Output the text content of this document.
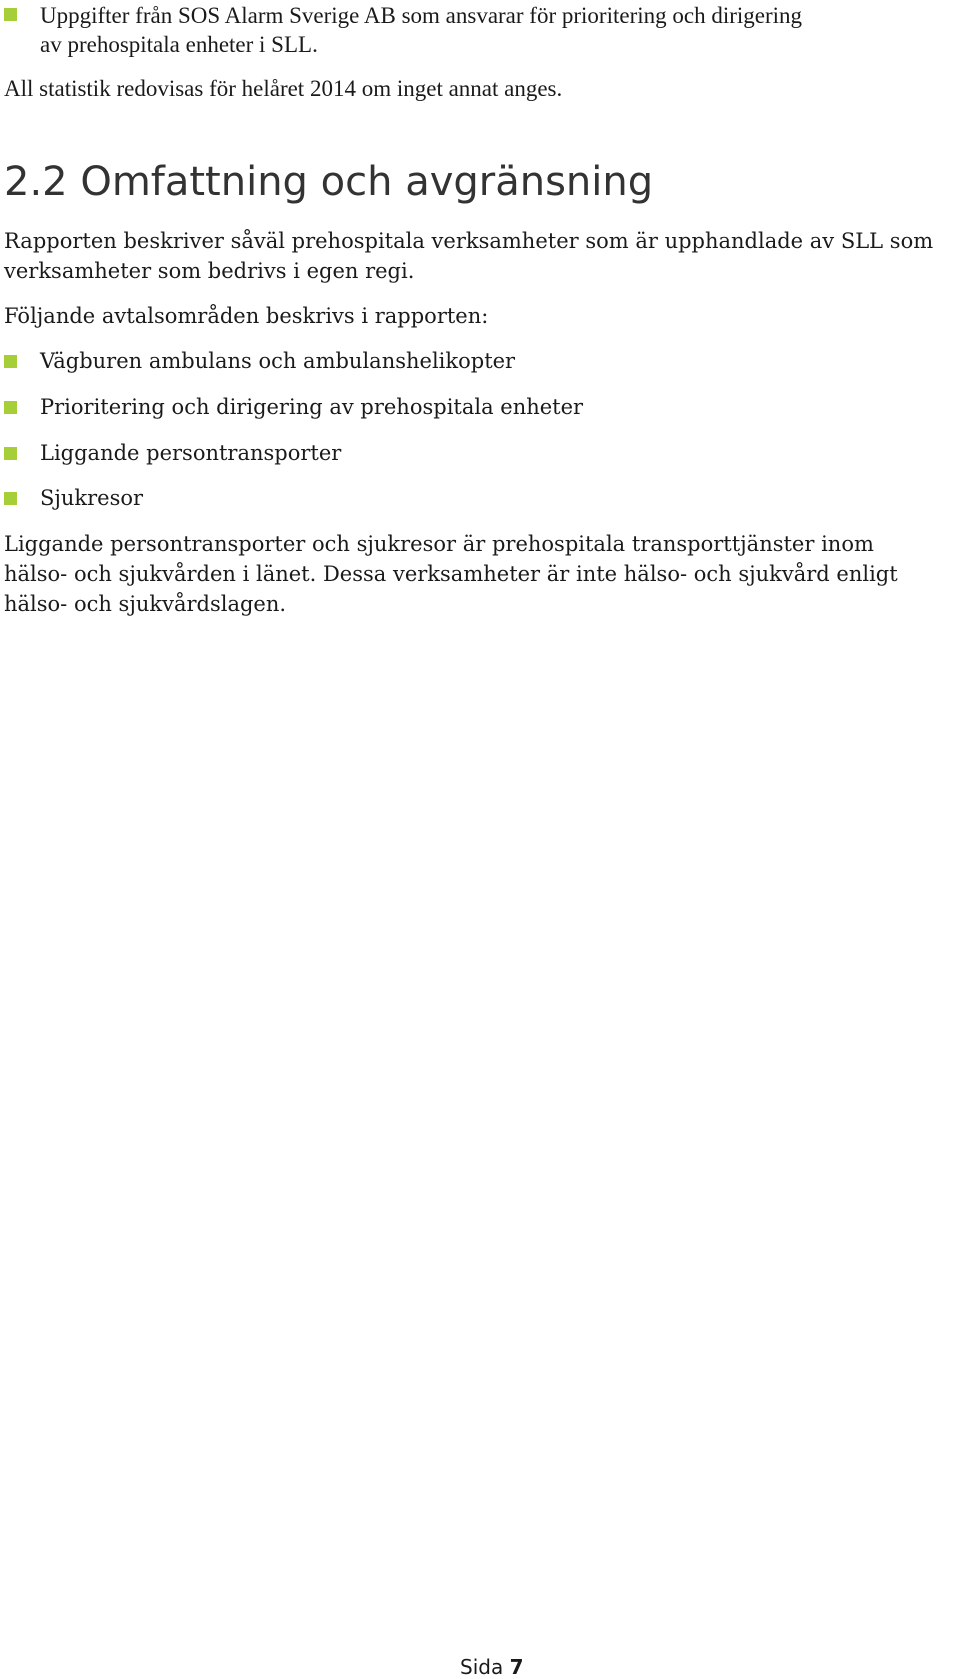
Uppgifter från SOS Alarm Sverige AB som ansvarar för prioritering och dirigering
av prehospitala enheter i SLL.
All statistik redovisas för helåret 2014 om inget annat anges.
2.2 Omfattning och avgränsning
Rapporten beskriver såväl prehospitala verksamheter som är upphandlade av SLL som
verksamheter som bedrivs i egen regi.
Följande avtalsområden beskrivs i rapporten:
Vägburen ambulans och ambulanshelikopter
Prioritering och dirigering av prehospitala enheter
Liggande persontransporter
Sjukresor
Liggande persontransporter och sjukresor är prehospitala transporttjänster inom
hälso- och sjukvården i länet. Dessa verksamheter är inte hälso- och sjukvård enligt
hälso- och sjukvårdslagen.
Sida 7
